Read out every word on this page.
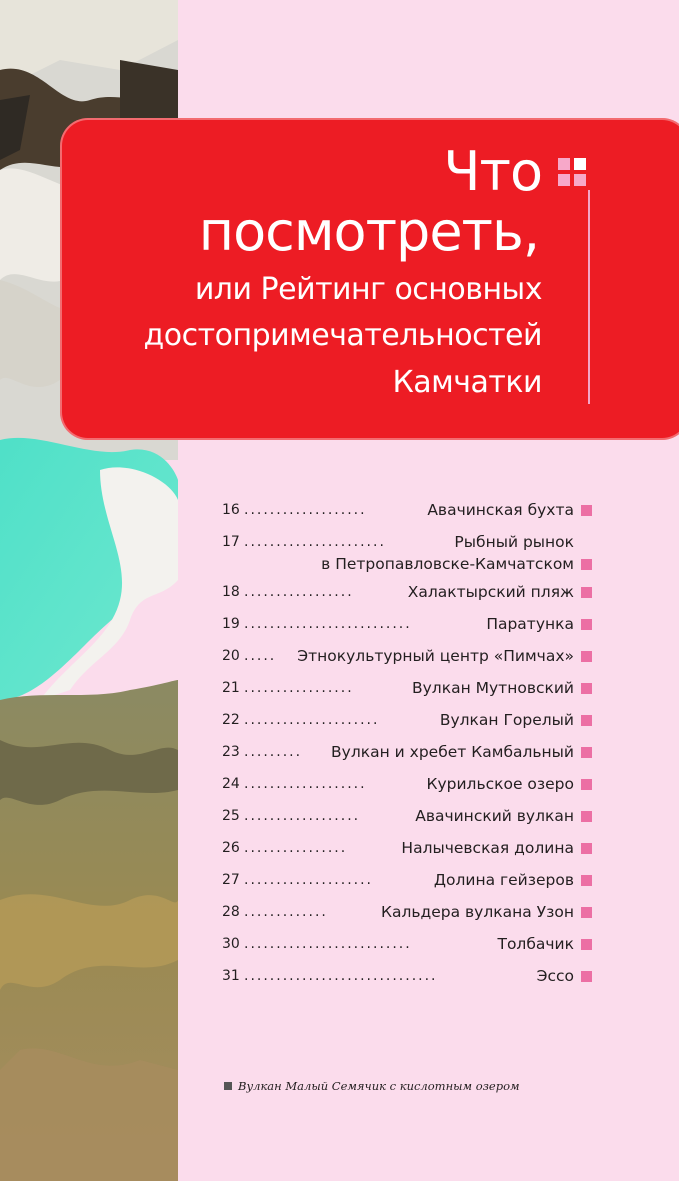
Что
посмотреть,
или Рейтинг основных
достопримечательностей
Камчатки
16 ...................	Авачинская бухта
17 ......................	Рыбный рынок
в Петропавловске-Камчатском
18 .................	Халактырский пляж
19 ..........................	Паратунка
20 ..... Этнокультурный центр «Пимчах»
21 .................	Вулкан Мутновский
22 .....................	Вулкан Горелый
23 ......... Вулкан и хребет Камбальный
24 ...................	Курильское озеро
25 ..................	Авачинский вулкан
26 ................	Налычевская долина
27 ....................	Долина гейзеров
28 .............	Кальдера вулкана Узон
30 ..........................	Толбачик
31 ..............................	Эссо
Вулкан Малый Семячик с кислотным озером
